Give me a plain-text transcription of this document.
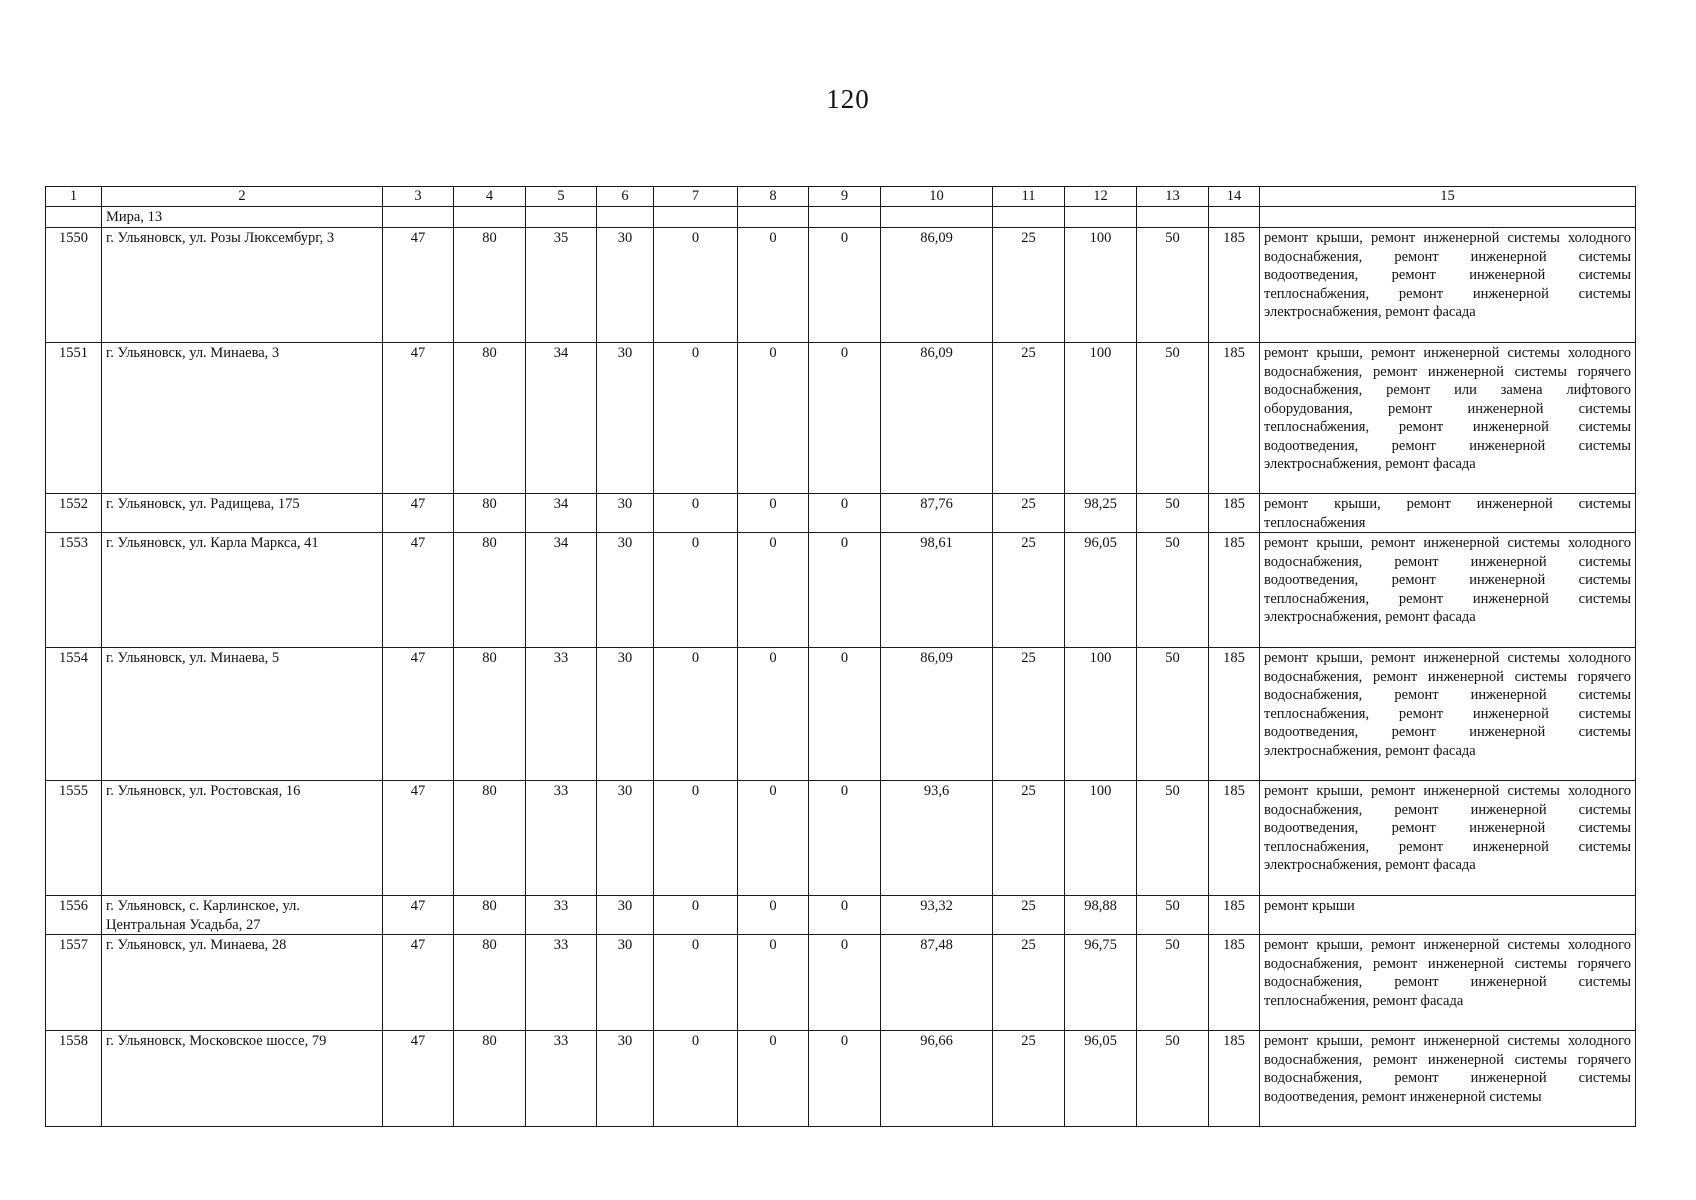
120
1	2	3	4	5	6	7	8	9	10	11	12	13	14	15
	Мира, 13													
1550	г. Ульяновск, ул. Розы Люксембург, 3	47	80	35	30	0	0	0	86,09	25	100	50	185	ремонт крыши, ремонт инженерной системы холодного водоснабжения, ремонт инженерной системы водоотведения, ремонт инженерной системы теплоснабжения, ремонт инженерной системы электроснабжения, ремонт фасада
1551	г. Ульяновск, ул. Минаева, 3	47	80	34	30	0	0	0	86,09	25	100	50	185	ремонт крыши, ремонт инженерной системы холодного водоснабжения, ремонт инженерной системы горячего водоснабжения, ремонт или замена лифтового оборудования, ремонт инженерной системы теплоснабжения, ремонт инженерной системы водоотведения, ремонт инженерной системы электроснабжения, ремонт фасада
1552	г. Ульяновск, ул. Радищева, 175	47	80	34	30	0	0	0	87,76	25	98,25	50	185	ремонт крыши, ремонт инженерной системы теплоснабжения
1553	г. Ульяновск, ул. Карла Маркса, 41	47	80	34	30	0	0	0	98,61	25	96,05	50	185	ремонт крыши, ремонт инженерной системы холодного водоснабжения, ремонт инженерной системы водоотведения, ремонт инженерной системы теплоснабжения, ремонт инженерной системы электроснабжения, ремонт фасада
1554	г. Ульяновск, ул. Минаева, 5	47	80	33	30	0	0	0	86,09	25	100	50	185	ремонт крыши, ремонт инженерной системы холодного водоснабжения, ремонт инженерной системы горячего водоснабжения, ремонт инженерной системы теплоснабжения, ремонт инженерной системы водоотведения, ремонт инженерной системы электроснабжения, ремонт фасада
1555	г. Ульяновск, ул. Ростовская, 16	47	80	33	30	0	0	0	93,6	25	100	50	185	ремонт крыши, ремонт инженерной системы холодного водоснабжения, ремонт инженерной системы водоотведения, ремонт инженерной системы теплоснабжения, ремонт инженерной системы электроснабжения, ремонт фасада
1556	г. Ульяновск, с. Карлинское, ул. Центральная Усадьба, 27	47	80	33	30	0	0	0	93,32	25	98,88	50	185	ремонт крыши
1557	г. Ульяновск, ул. Минаева, 28	47	80	33	30	0	0	0	87,48	25	96,75	50	185	ремонт крыши, ремонт инженерной системы холодного водоснабжения, ремонт инженерной системы горячего водоснабжения, ремонт инженерной системы теплоснабжения, ремонт фасада
1558	г. Ульяновск, Московское шоссе, 79	47	80	33	30	0	0	0	96,66	25	96,05	50	185	ремонт крыши, ремонт инженерной системы холодного водоснабжения, ремонт инженерной системы горячего водоснабжения, ремонт инженерной системы водоотведения, ремонт инженерной системы
